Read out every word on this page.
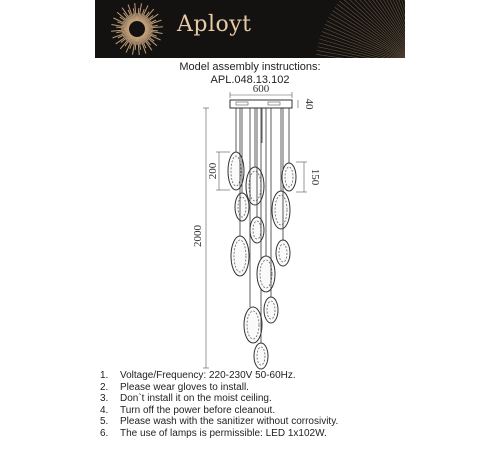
Aployt
Model assembly instructions:
APL.048.13.102
600
40
2000
200	150
1. Voltage/Frequency: 220-230V 50-60Hz.
2. Please wear gloves to install.
3. Don`t install it on the moist ceiling.
4. Turn off the power before cleanout.
5. Please wash with the sanitizer without corrosivity.
6. The use of lamps is permissible: LED 1x102W.
